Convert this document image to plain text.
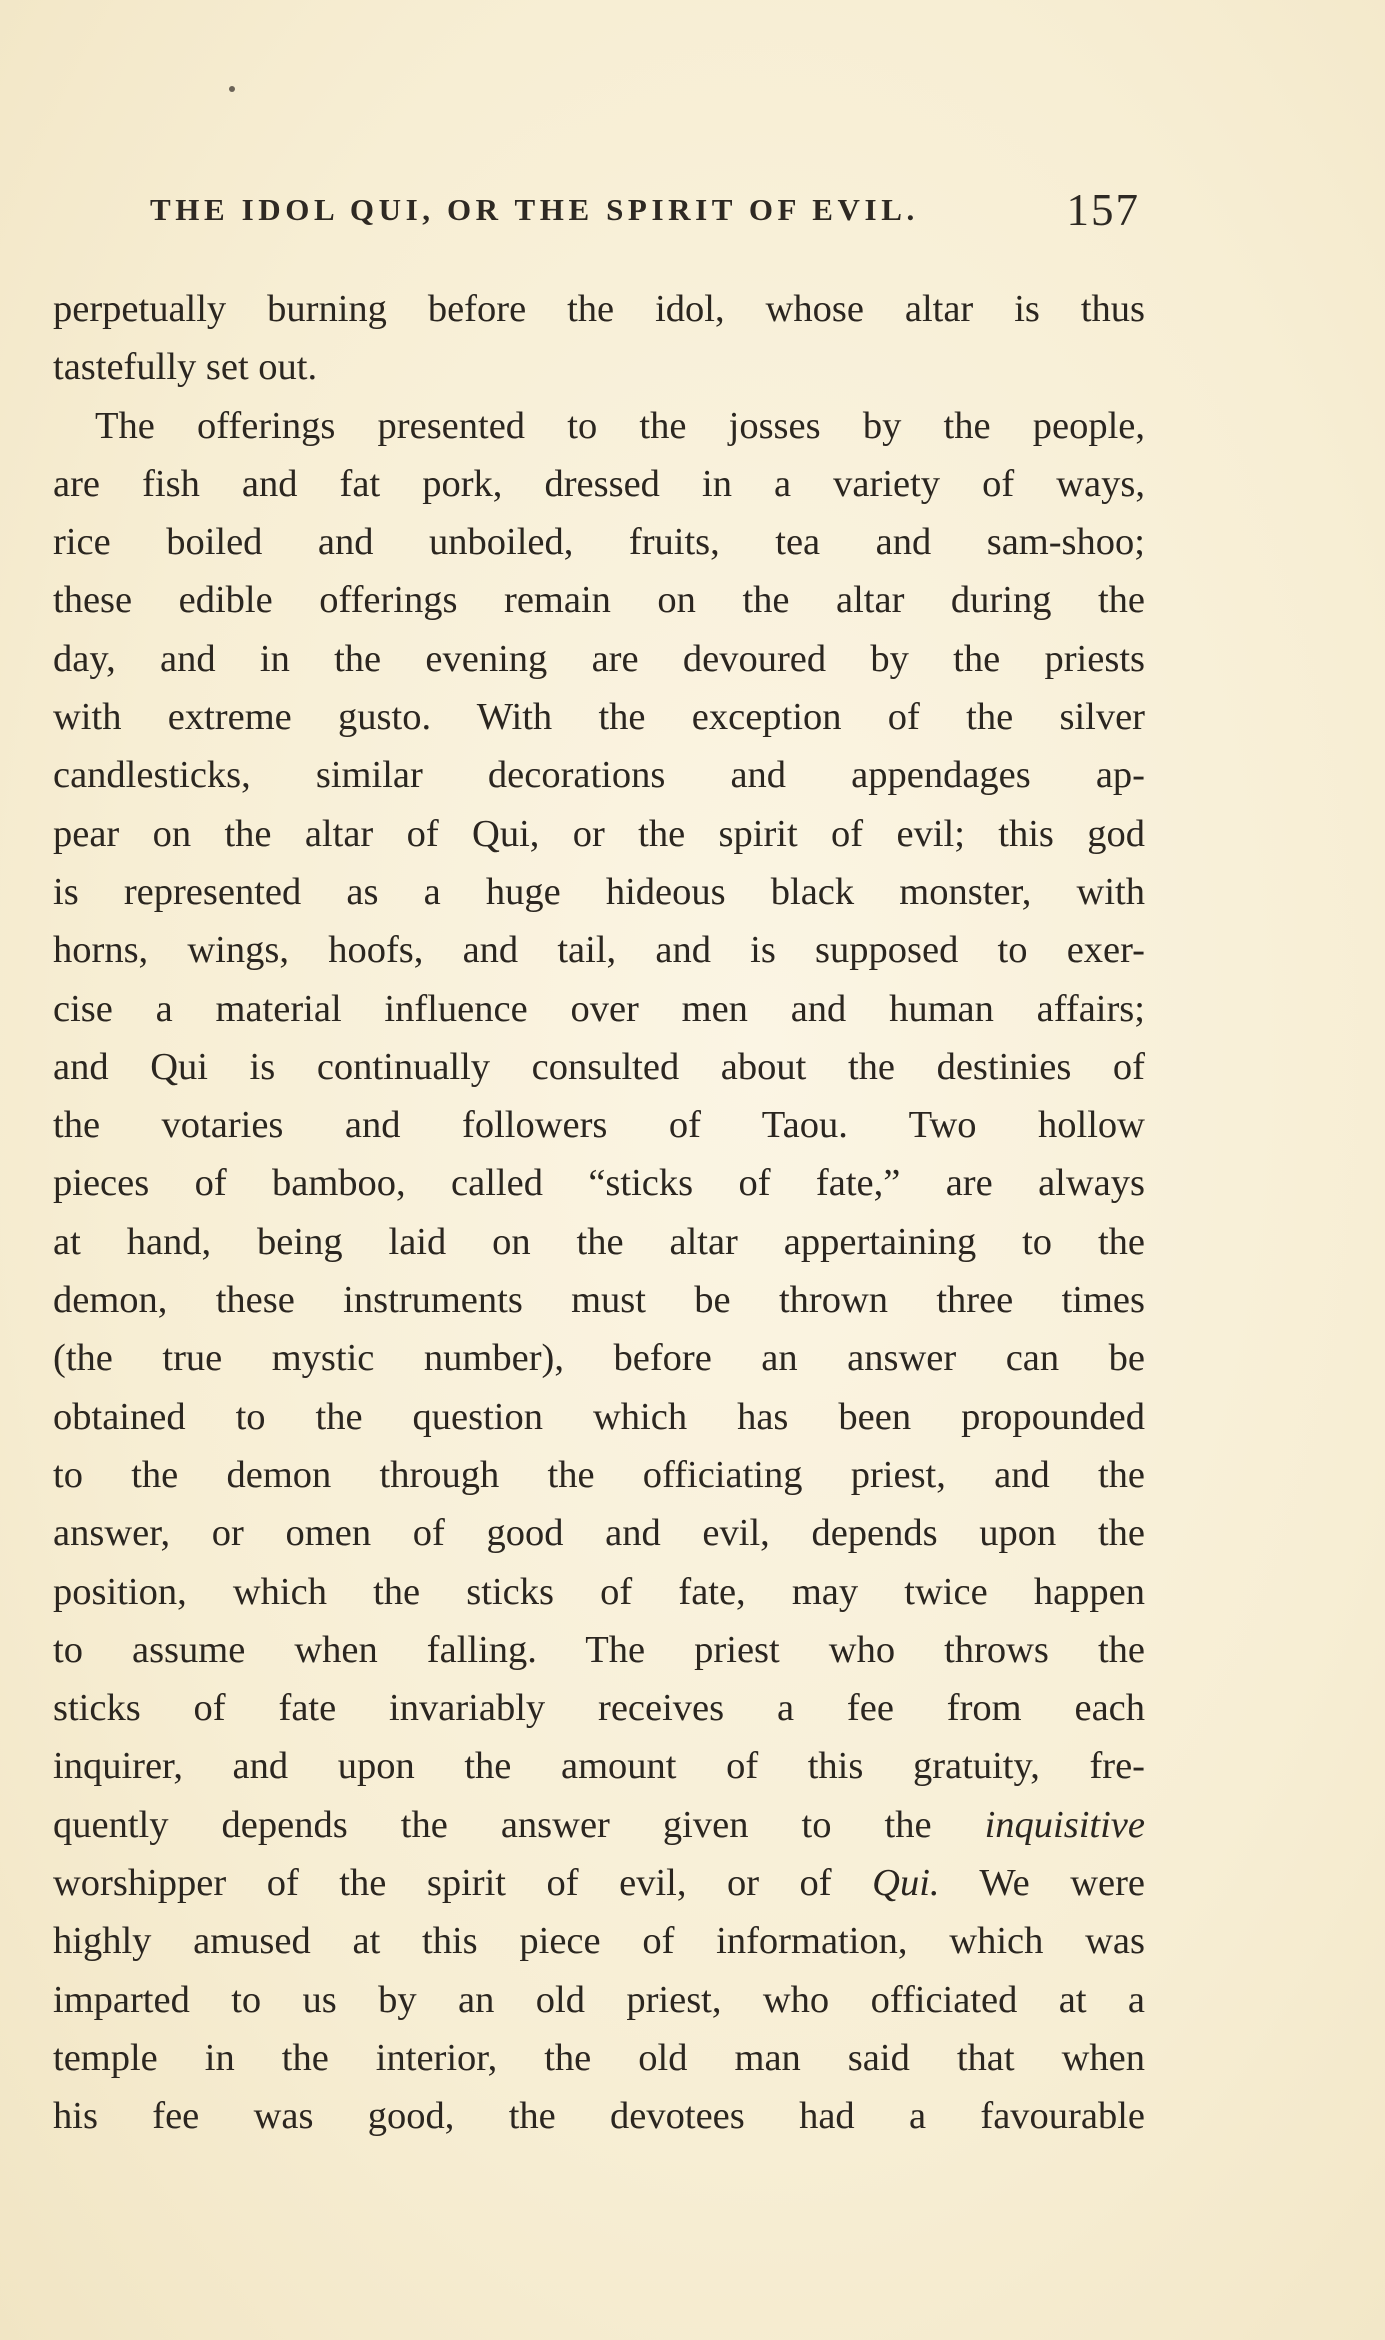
THE IDOL QUI, OR THE SPIRIT OF EVIL.	157
perpetually burning before the idol, whose altar is thus
tastefully set out.
The offerings presented to the josses by the people,
are fish and fat pork, dressed in a variety of ways,
rice boiled and unboiled, fruits, tea and sam-shoo;
these edible offerings remain on the altar during the
day, and in the evening are devoured by the priests
with extreme gusto. With the exception of the silver
candlesticks, similar decorations and appendages ap-
pear on the altar of Qui, or the spirit of evil; this god
is represented as a huge hideous black monster, with
horns, wings, hoofs, and tail, and is supposed to exer-
cise a material influence over men and human affairs;
and Qui is continually consulted about the destinies of
the votaries and followers of Taou. Two hollow
pieces of bamboo, called “sticks of fate,” are always
at hand, being laid on the altar appertaining to the
demon, these instruments must be thrown three times
(the true mystic number), before an answer can be
obtained to the question which has been propounded
to the demon through the officiating priest, and the
answer, or omen of good and evil, depends upon the
position, which the sticks of fate, may twice happen
to assume when falling. The priest who throws the
sticks of fate invariably receives a fee from each
inquirer, and upon the amount of this gratuity, fre-
quently depends the answer given to the inquisitive
worshipper of the spirit of evil, or of Qui. We were
highly amused at this piece of information, which was
imparted to us by an old priest, who officiated at a
temple in the interior, the old man said that when
his fee was good, the devotees had a favourable
